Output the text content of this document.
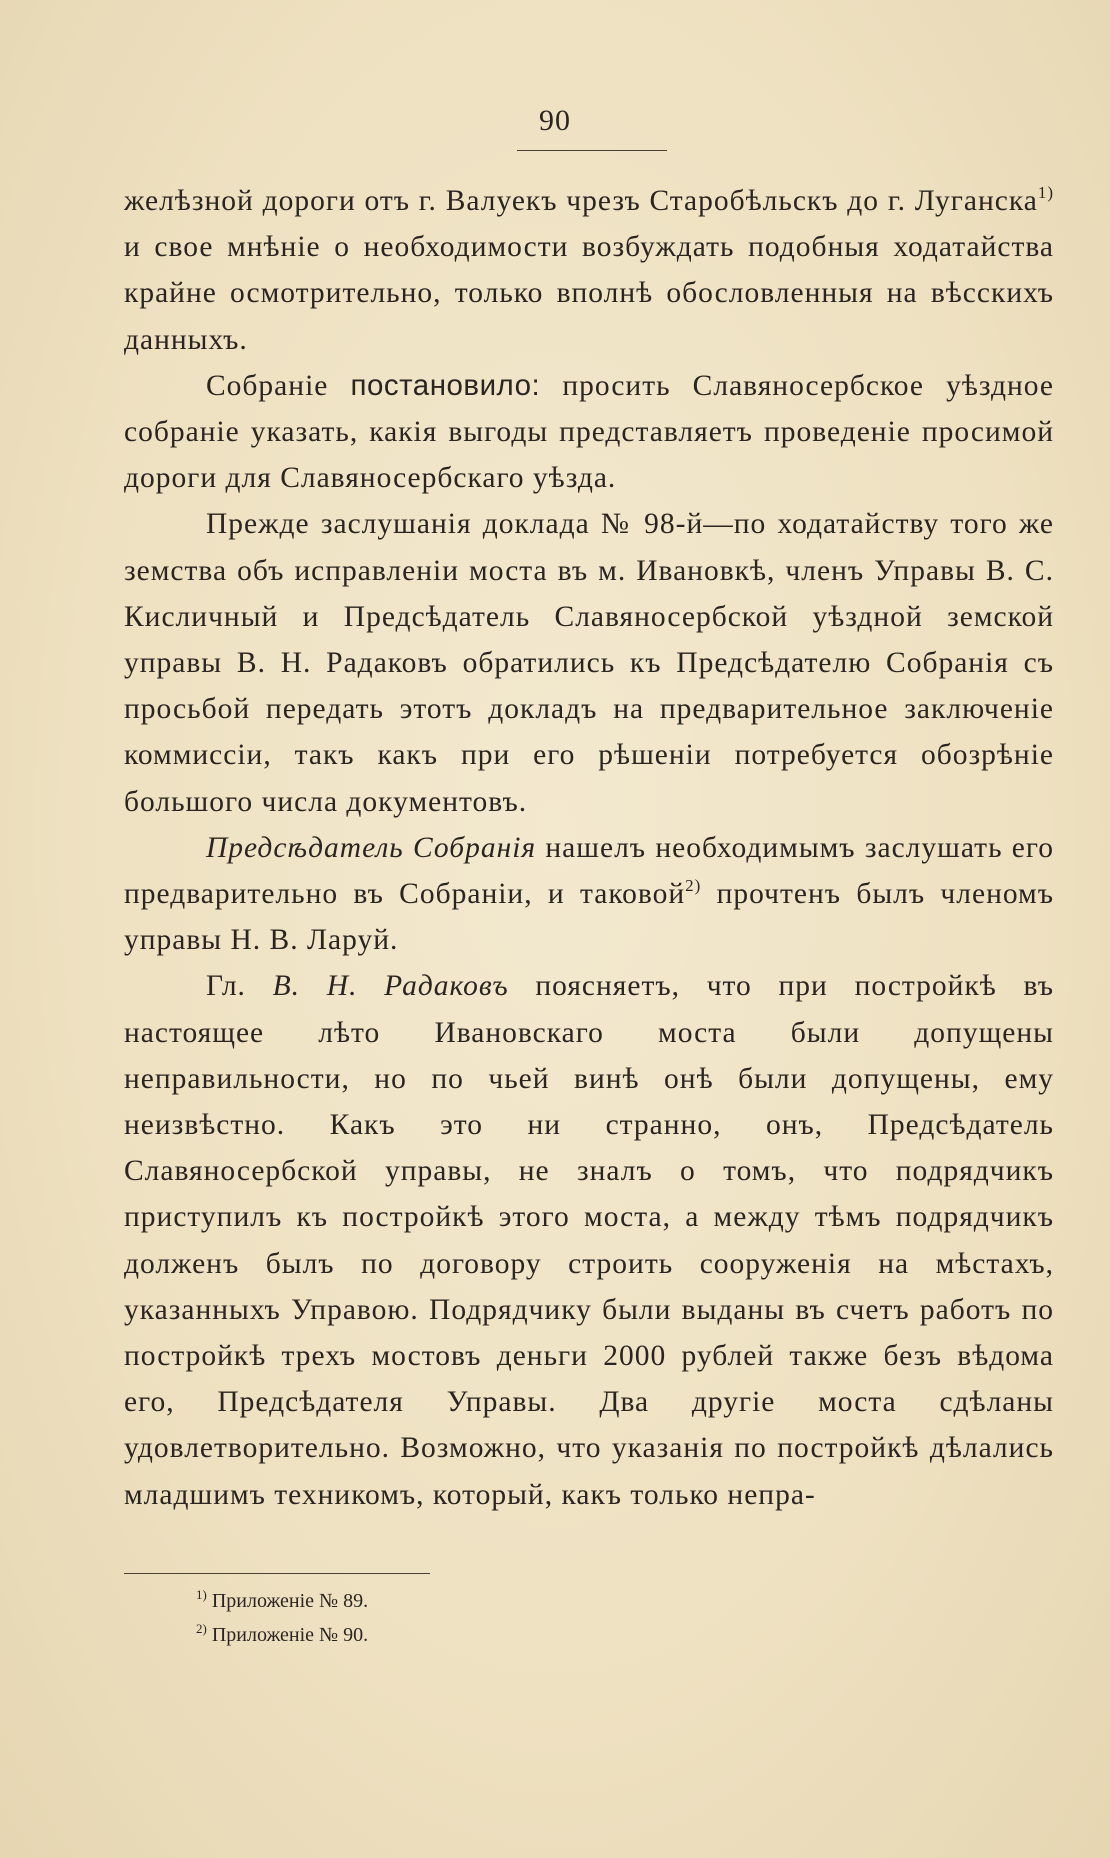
90

желѣзной дороги отъ г. Валуекъ чрезъ Старобѣльскъ до г. Луганска$^{1)}$ и свое мнѣніе о необходимости возбуждать подобныя ходатайства крайне осмотрительно, только вполнѣ обословленныя на вѣсскихъ данныхъ.

Собраніе постановило: просить Славяносербское уѣздное собраніе указать, какія выгоды представляетъ проведеніе просимой дороги для Славяносербскаго уѣзда.

Прежде заслушанія доклада № 98-й—по ходатайству того же земства объ исправленіи моста въ м. Ивановкѣ, членъ Управы В. С. Кисличный и Предсѣдатель Славяносербской уѣздной земской управы В. Н. Радаковъ обратились къ Предсѣдателю Собранія съ просьбой передать этотъ докладъ на предварительное заключеніе коммиссіи, такъ какъ при его рѣшеніи потребуется обозрѣніе большого числа документовъ.

Предсѣдатель Собранія нашелъ необходимымъ заслушать его предварительно въ Собраніи, и таковой$^{2)}$ прочтенъ былъ членомъ управы Н. В. Ларуй.

Гл. В. Н. Радаковъ поясняетъ, что при постройкѣ въ настоящее лѣто Ивановскаго моста были допущены неправильности, но по чьей винѣ онѣ были допущены, ему неизвѣстно. Какъ это ни странно, онъ, Предсѣдатель Славяносербской управы, не зналъ о томъ, что подрядчикъ приступилъ къ постройкѣ этого моста, а между тѣмъ подрядчикъ долженъ былъ по договору строить сооруженія на мѣстахъ, указанныхъ Управою. Подрядчику были выданы въ счетъ работъ по постройкѣ трехъ мостовъ деньги 2000 рублей также безъ вѣдома его, Предсѣдателя Управы. Два другіе моста сдѣланы удовлетворительно. Возможно, что указанія по постройкѣ дѣлались младшимъ техникомъ, который, какъ только непра-

$^{1)}$ Приложеніе № 89.
$^{2)}$ Приложеніе № 90.
